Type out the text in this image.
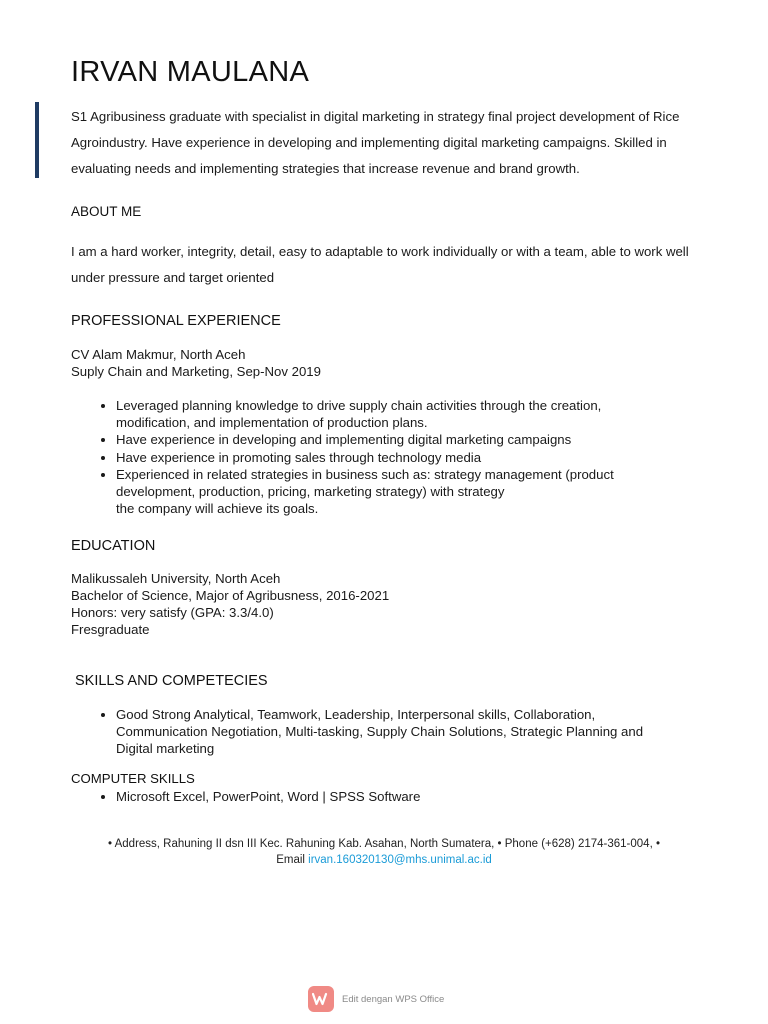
IRVAN MAULANA

S1 Agribusiness graduate with specialist in digital marketing in strategy final project development of Rice Agroindustry. Have experience in developing and implementing digital marketing campaigns. Skilled in evaluating needs and implementing strategies that increase revenue and brand growth.

ABOUT ME

I am a hard worker, integrity, detail, easy to adaptable to work individually or with a team, able to work well under pressure and target oriented

PROFESSIONAL EXPERIENCE
CV Alam Makmur, North Aceh
Suply Chain and Marketing, Sep-Nov 2019
• Leveraged planning knowledge to drive supply chain activities through the creation, modification, and implementation of production plans.
• Have experience in developing and implementing digital marketing campaigns
• Have experience in promoting sales through technology media
• Experienced in related strategies in business such as: strategy management (product development, production, pricing, marketing strategy) with strategy
the company will achieve its goals.
EDUCATION
Malikussaleh University, North Aceh
Bachelor of Science, Major of Agribusness, 2016-2021
Honors: very satisfy (GPA: 3.3/4.0)
Fresgraduate
SKILLS AND COMPETECIES
• Good Strong Analytical, Teamwork, Leadership, Interpersonal skills, Collaboration, Communication Negotiation, Multi-tasking, Supply Chain Solutions, Strategic Planning and Digital marketing
COMPUTER SKILLS
• Microsoft Excel, PowerPoint, Word | SPSS Software
• Address, Rahuning II dsn III Kec. Rahuning Kab. Asahan, North Sumatera, • Phone (+628) 2174-361-004, •
Email irvan.160320130@mhs.unimal.ac.id
Edit dengan WPS Office
